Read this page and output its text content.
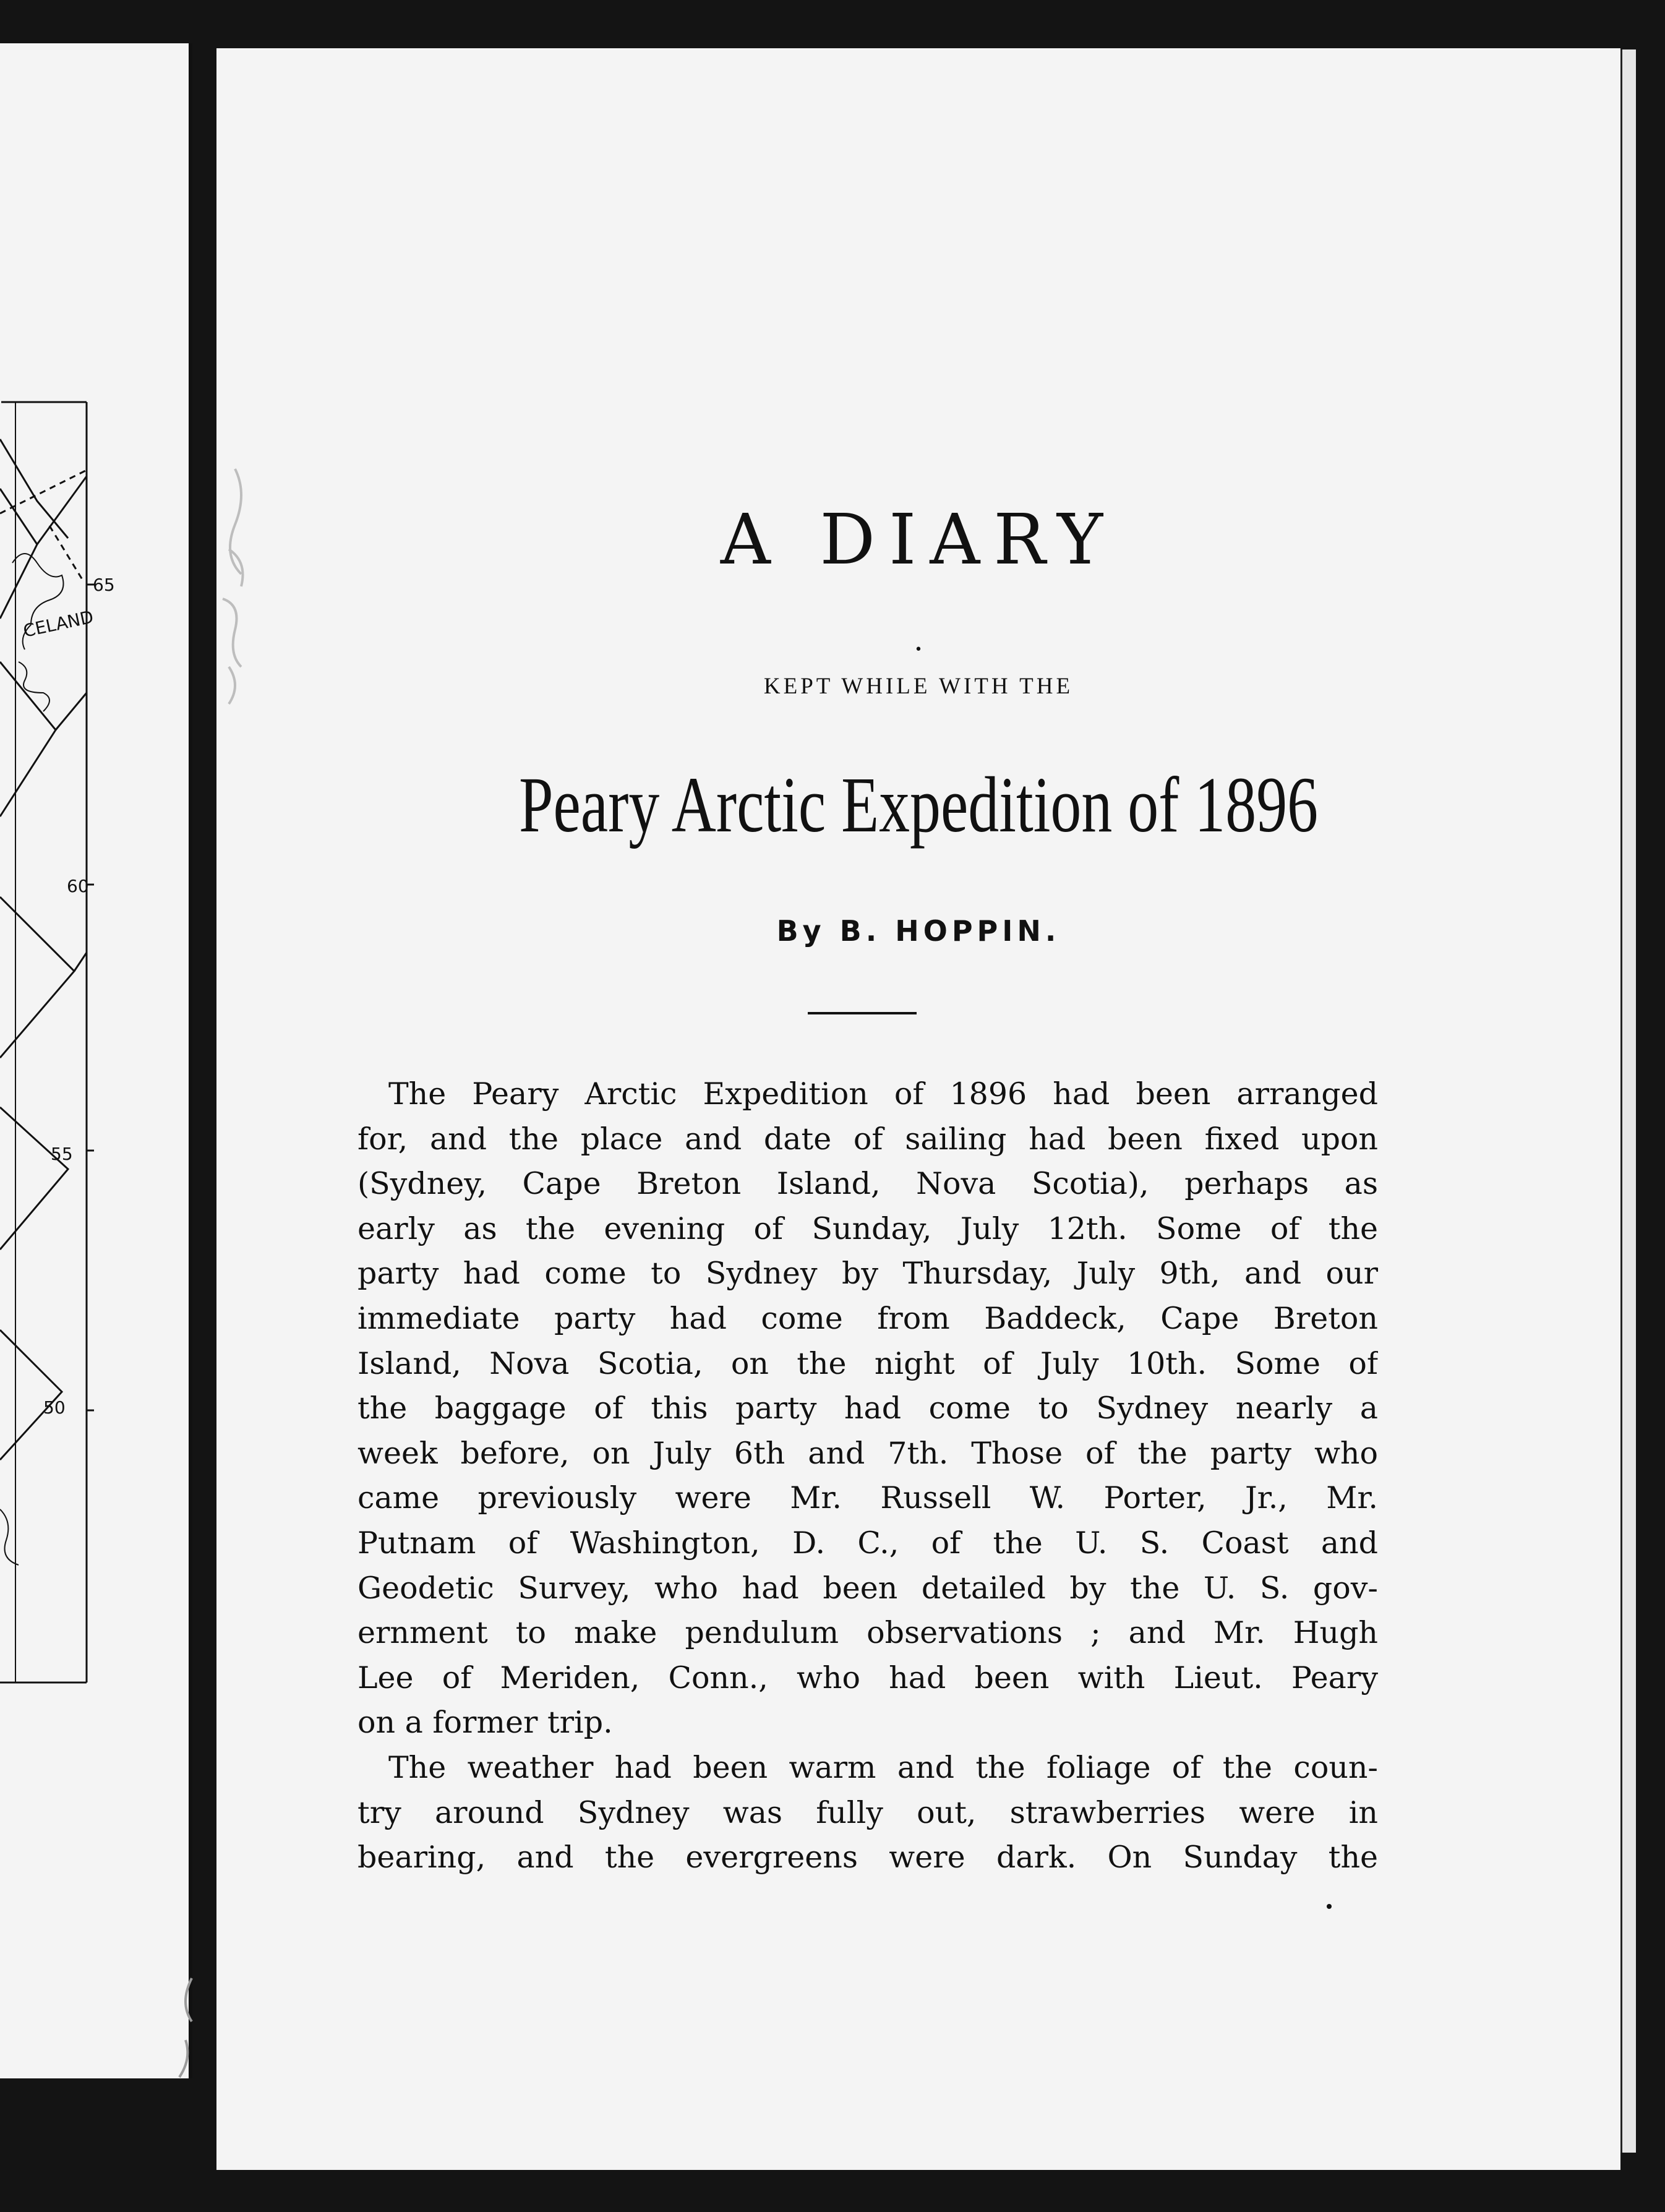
65
60
55
50
CELAND
A DIARY
•
KEPT WHILE WITH THE
Peary Arctic Expedition of 1896
By B. HOPPIN.
The Peary Arctic Expedition of 1896 had been arranged
for, and the place and date of sailing had been fixed upon
(Sydney, Cape Breton Island, Nova Scotia), perhaps as
early as the evening of Sunday, July 12th. Some of the
party had come to Sydney by Thursday, July 9th, and our
immediate party had come from Baddeck, Cape Breton
Island, Nova Scotia, on the night of July 10th. Some of
the baggage of this party had come to Sydney nearly a
week before, on July 6th and 7th. Those of the party who
came previously were Mr. Russell W. Porter, Jr., Mr.
Putnam of Washington, D. C., of the U. S. Coast and
Geodetic Survey, who had been detailed by the U. S. gov-
ernment to make pendulum observations ; and Mr. Hugh
Lee of Meriden, Conn., who had been with Lieut. Peary
on a former trip.
The weather had been warm and the foliage of the coun-
try around Sydney was fully out, strawberries were in
bearing, and the evergreens were dark. On Sunday the
